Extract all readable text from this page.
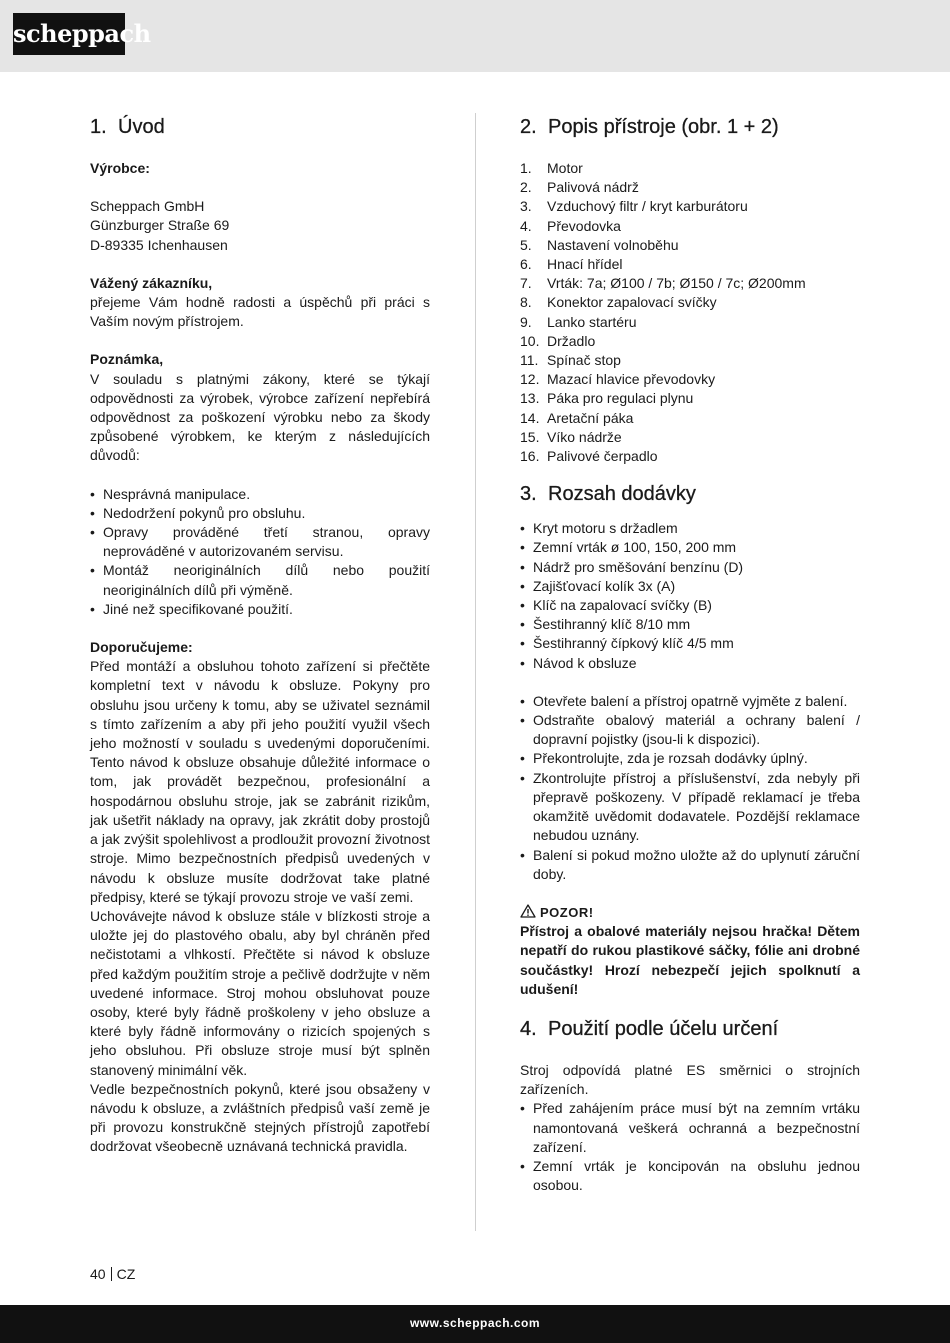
scheppach
1. Úvod

Výrobce:

Scheppach GmbH

Günzburger Straße 69

D-89335 Ichenhausen

Vážený zákazníku,

přejeme Vám hodně radosti a úspěchů při práci s Vaším novým přístrojem.

Poznámka,

V souladu s platnými zákony, které se týkají odpovědnosti za výrobek, výrobce zařízení nepřebírá odpovědnost za poškození výrobku nebo za škody způsobené výrobkem, ke kterým z následujících důvodů:

• Nesprávná manipulace.
• Nedodržení pokynů pro obsluhu.
• Opravy prováděné třetí stranou, opravy neprováděné v autorizovaném servisu.
• Montáž neoriginálních dílů nebo použití neoriginálních dílů při výměně.
• Jiné než specifikované použití.

Doporučujeme:

Před montáží a obsluhou tohoto zařízení si přečtěte kompletní text v návodu k obsluze. Pokyny pro obsluhu jsou určeny k tomu, aby se uživatel seznámil s tímto zařízením a aby při jeho použití využil všech jeho možností v souladu s uvedenými doporučeními. Tento návod k obsluze obsahuje důležité informace o tom, jak provádět bezpečnou, profesionální a hospodárnou obsluhu stroje, jak se zabránit rizikům, jak ušetřit náklady na opravy, jak zkrátit doby prostojů a jak zvýšit spolehlivost a prodloužit provozní životnost stroje. Mimo bezpečnostních předpisů uvedených v návodu k obsluze musíte dodržovat take platné předpisy, které se týkají provozu stroje ve vaší zemi.

Uchovávejte návod k obsluze stále v blízkosti stroje a uložte jej do plastového obalu, aby byl chráněn před nečistotami a vlhkostí. Přečtěte si návod k obsluze před každým použitím stroje a pečlivě dodržujte v něm uvedené informace. Stroj mohou obsluhovat pouze osoby, které byly řádně proškoleny v jeho obsluze a které byly řádně informovány o rizicích spojených s jeho obsluhou. Při obsluze stroje musí být splněn stanovený minimální věk.

Vedle bezpečnostních pokynů, které jsou obsaženy v návodu k obsluze, a zvláštních předpisů vaší země je při provozu konstrukčně stejných přístrojů zapotřebí dodržovat všeobecně uznávaná technická pravidla.

2. Popis přístroje (obr. 1 + 2)
1. Motor
2. Palivová nádrž
3. Vzduchový filtr / kryt karburátoru
4. Převodovka
5. Nastavení volnoběhu
6. Hnací hřídel
7. Vrták: 7a; Ø100 / 7b; Ø150 / 7c; Ø200mm
8. Konektor zapalovací svíčky
9. Lanko startéru
10. Držadlo
11. Spínač stop
12. Mazací hlavice převodovky
13. Páka pro regulaci plynu
14. Aretační páka
15. Víko nádrže
16. Palivové čerpadlo
3. Rozsah dodávky
• Kryt motoru s držadlem
• Zemní vrták ø 100, 150, 200 mm
• Nádrž pro směšování benzínu (D)
• Zajišťovací kolík 3x (A)
• Klíč na zapalovací svíčky (B)
• Šestihranný klíč 8/10 mm
• Šestihranný čípkový klíč 4/5 mm
• Návod k obsluze
• Otevřete balení a přístroj opatrně vyjměte z balení.
• Odstraňte obalový materiál a ochrany balení / dopravní pojistky (jsou-li k dispozici).
• Překontrolujte, zda je rozsah dodávky úplný.
• Zkontrolujte přístroj a příslušenství, zda nebyly při přepravě poškozeny. V případě reklamací je třeba okamžitě uvědomit dodavatele. Pozdější reklamace nebudou uznány.
• Balení si pokud možno uložte až do uplynutí záruční doby.

POZOR!

Přístroj a obalové materiály nejsou hračka! Dětem nepatří do rukou plastikové sáčky, fólie ani drobné součástky! Hrozí nebezpečí jejich spolknutí a udušení!

4. Použití podle účelu určení

Stroj odpovídá platné ES směrnici o strojních zařízeních.

• Před zahájením práce musí být na zemním vrtáku namontovaná veškerá ochranná a bezpečnostní zařízení.
• Zemní vrták je koncipován na obsluhu jednou osobou.
40 CZ
www.scheppach.com
